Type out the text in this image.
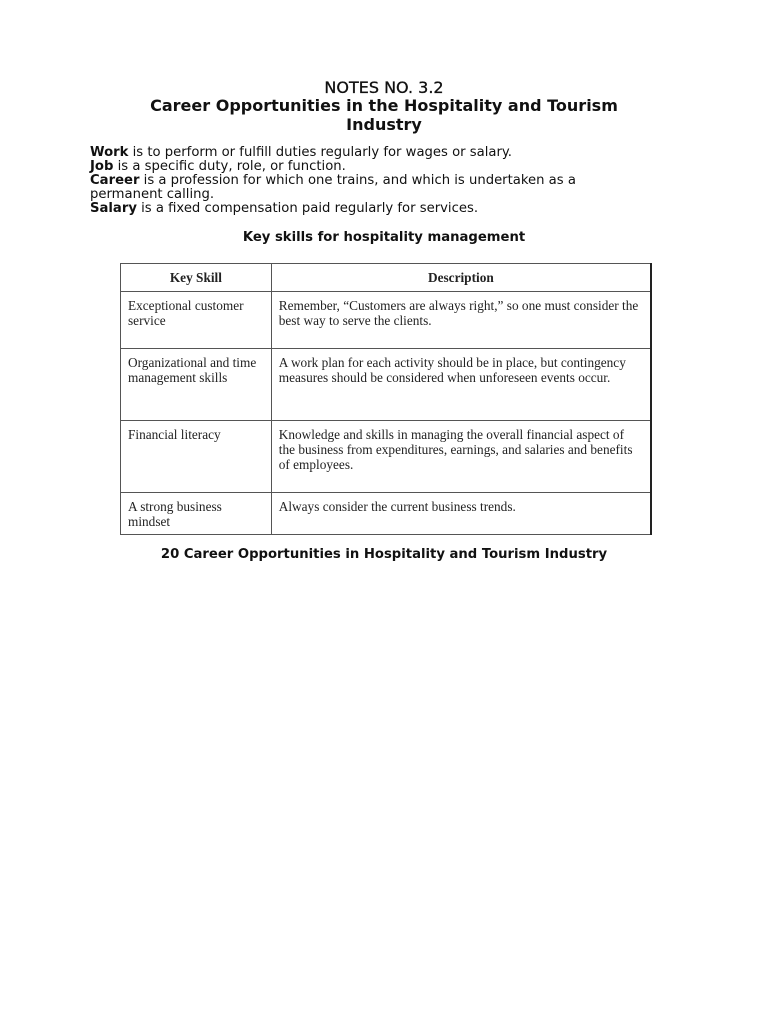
NOTES NO. 3.2
Career Opportunities in the Hospitality and Tourism Industry

Work is to perform or fulfill duties regularly for wages or salary.

Job is a specific duty, role, or function.

Career is a profession for which one trains, and which is undertaken as a permanent calling.

Salary is a fixed compensation paid regularly for services.

Key skills for hospitality management
Key Skill	Description
Exceptional customer service	Remember, “Customers are always right,” so one must consider the best way to serve the clients.
Organizational and time management skills	A work plan for each activity should be in place, but contingency measures should be considered when unforeseen events occur.
Financial literacy	Knowledge and skills in managing the overall financial aspect of the business from expenditures, earnings, and salaries and benefits of employees.
A strong business mindset	Always consider the current business trends.
20 Career Opportunities in Hospitality and Tourism Industry
